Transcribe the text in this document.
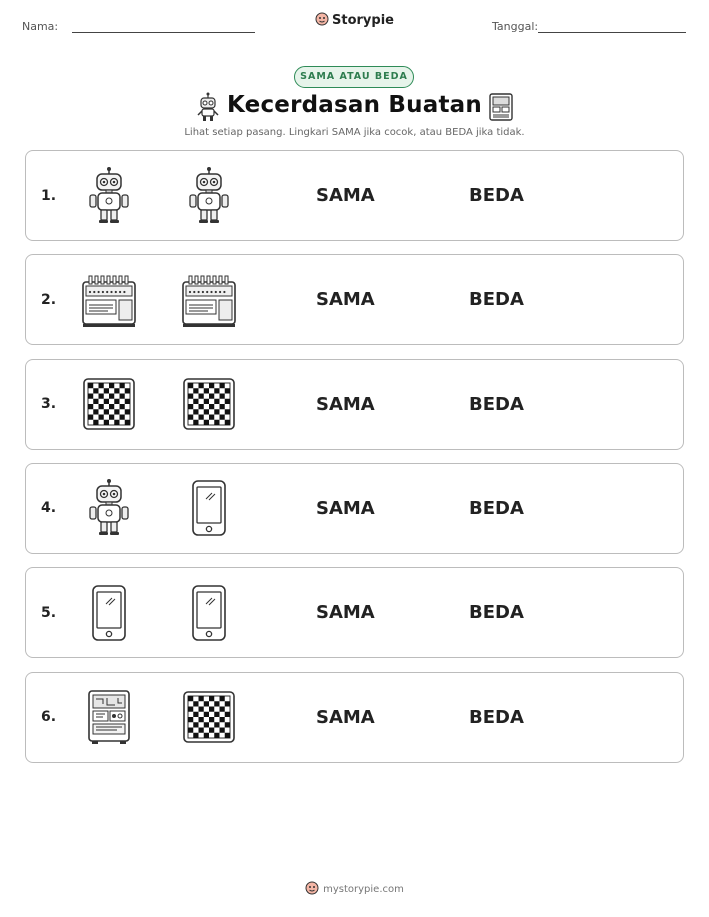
Nama:	Storypie	Tanggal:
SAMA ATAU BEDA
Kecerdasan Buatan
Lihat setiap pasang. Lingkari SAMA jika cocok, atau BEDA jika tidak.
1.	SAMA	BEDA
2.	SAMA	BEDA
3.	SAMA	BEDA
4.	SAMA	BEDA
5.	SAMA	BEDA
6.	SAMA	BEDA
mystorypie.com
